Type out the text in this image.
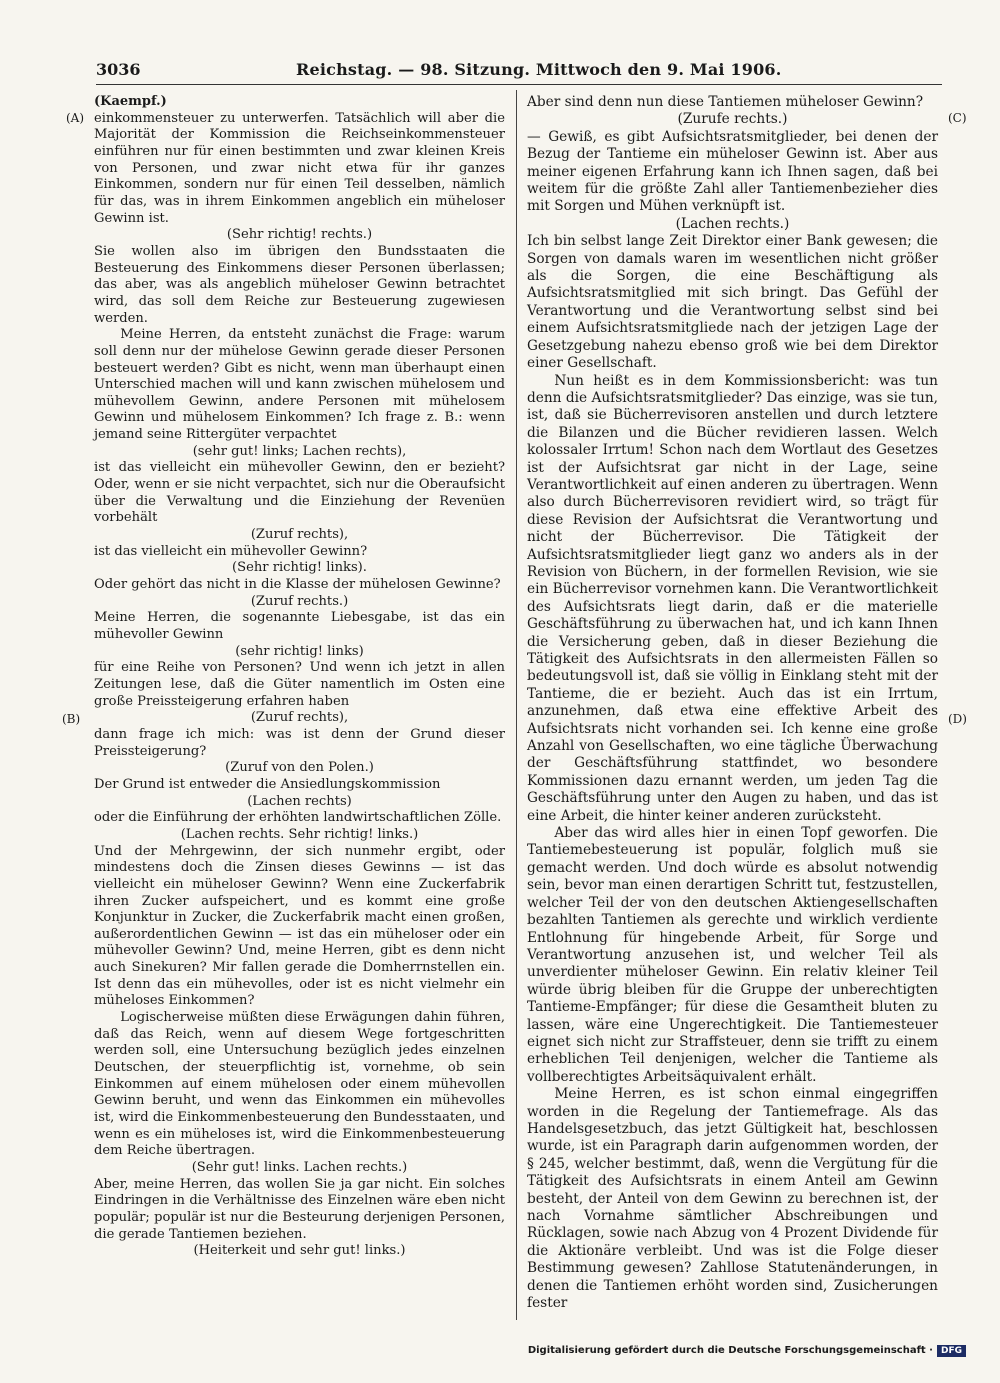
3036	Reichstag. — 98. Sitzung. Mittwoch den 9. Mai 1906.
(A)
(B)
(C)
(D)

(Kaempf.)

einkommensteuer zu unterwerfen. Tatsächlich will aber die Majorität der Kommission die Reichseinkommensteuer einführen nur für einen bestimmten und zwar kleinen Kreis von Personen, und zwar nicht etwa für ihr ganzes Einkommen, sondern nur für einen Teil desselben, nämlich für das, was in ihrem Einkommen angeblich ein müheloser Gewinn ist.

(Sehr richtig! rechts.)

Sie wollen also im übrigen den Bundsstaaten die Besteuerung des Einkommens dieser Personen überlassen; das aber, was als angeblich müheloser Gewinn betrachtet wird, das soll dem Reiche zur Besteuerung zugewiesen werden.

Meine Herren, da entsteht zunächst die Frage: warum soll denn nur der mühelose Gewinn gerade dieser Personen besteuert werden? Gibt es nicht, wenn man überhaupt einen Unterschied machen will und kann zwischen mühelosem und mühevollem Gewinn, andere Personen mit mühelosem Gewinn und mühelosem Einkommen? Ich frage z. B.: wenn jemand seine Rittergüter verpachtet

(sehr gut! links; Lachen rechts),

ist das vielleicht ein mühevoller Gewinn, den er bezieht? Oder, wenn er sie nicht verpachtet, sich nur die Oberaufsicht über die Verwaltung und die Einziehung der Revenüen vorbehält

(Zuruf rechts),

ist das vielleicht ein mühevoller Gewinn?

(Sehr richtig! links).

Oder gehört das nicht in die Klasse der mühelosen Gewinne?

(Zuruf rechts.)

Meine Herren, die sogenannte Liebesgabe, ist das ein mühevoller Gewinn

(sehr richtig! links)

für eine Reihe von Personen? Und wenn ich jetzt in allen Zeitungen lese, daß die Güter namentlich im Osten eine große Preissteigerung erfahren haben

(Zuruf rechts),

dann frage ich mich: was ist denn der Grund dieser Preissteigerung?

(Zuruf von den Polen.)

Der Grund ist entweder die Ansiedlungskommission

(Lachen rechts)

oder die Einführung der erhöhten landwirtschaftlichen Zölle.

(Lachen rechts. Sehr richtig! links.)

Und der Mehrgewinn, der sich nunmehr ergibt, oder mindestens doch die Zinsen dieses Gewinns — ist das vielleicht ein müheloser Gewinn? Wenn eine Zuckerfabrik ihren Zucker aufspeichert, und es kommt eine große Konjunktur in Zucker, die Zuckerfabrik macht einen großen, außerordentlichen Gewinn — ist das ein müheloser oder ein mühevoller Gewinn? Und, meine Herren, gibt es denn nicht auch Sinekuren? Mir fallen gerade die Domherrnstellen ein. Ist denn das ein mühevolles, oder ist es nicht vielmehr ein müheloses Einkommen?

Logischerweise müßten diese Erwägungen dahin führen, daß das Reich, wenn auf diesem Wege fortgeschritten werden soll, eine Untersuchung bezüglich jedes einzelnen Deutschen, der steuerpflichtig ist, vornehme, ob sein Einkommen auf einem mühelosen oder einem mühevollen Gewinn beruht, und wenn das Einkommen ein mühevolles ist, wird die Einkommenbesteuerung den Bundesstaaten, und wenn es ein müheloses ist, wird die Einkommenbesteuerung dem Reiche übertragen.

(Sehr gut! links. Lachen rechts.)

Aber, meine Herren, das wollen Sie ja gar nicht. Ein solches Eindringen in die Verhältnisse des Einzelnen wäre eben nicht populär; populär ist nur die Besteurung derjenigen Personen, die gerade Tantiemen beziehen.

(Heiterkeit und sehr gut! links.)

Aber sind denn nun diese Tantiemen müheloser Gewinn?

(Zurufe rechts.)

— Gewiß, es gibt Aufsichtsratsmitglieder, bei denen der Bezug der Tantieme ein müheloser Gewinn ist. Aber aus meiner eigenen Erfahrung kann ich Ihnen sagen, daß bei weitem für die größte Zahl aller Tantiemenbezieher dies mit Sorgen und Mühen verknüpft ist.

(Lachen rechts.)

Ich bin selbst lange Zeit Direktor einer Bank gewesen; die Sorgen von damals waren im wesentlichen nicht größer als die Sorgen, die eine Beschäftigung als Aufsichtsratsmitglied mit sich bringt. Das Gefühl der Verantwortung und die Verantwortung selbst sind bei einem Aufsichtsratsmitgliede nach der jetzigen Lage der Gesetzgebung nahezu ebenso groß wie bei dem Direktor einer Gesellschaft.

Nun heißt es in dem Kommissionsbericht: was tun denn die Aufsichtsratsmitglieder? Das einzige, was sie tun, ist, daß sie Bücherrevisoren anstellen und durch letztere die Bilanzen und die Bücher revidieren lassen. Welch kolossaler Irrtum! Schon nach dem Wortlaut des Gesetzes ist der Aufsichtsrat gar nicht in der Lage, seine Verantwortlichkeit auf einen anderen zu übertragen. Wenn also durch Bücherrevisoren revidiert wird, so trägt für diese Revision der Aufsichtsrat die Verantwortung und nicht der Bücherrevisor. Die Tätigkeit der Aufsichtsratsmitglieder liegt ganz wo anders als in der Revision von Büchern, in der formellen Revision, wie sie ein Bücherrevisor vornehmen kann. Die Verantwortlichkeit des Aufsichtsrats liegt darin, daß er die materielle Geschäftsführung zu überwachen hat, und ich kann Ihnen die Versicherung geben, daß in dieser Beziehung die Tätigkeit des Aufsichtsrats in den allermeisten Fällen so bedeutungsvoll ist, daß sie völlig in Einklang steht mit der Tantieme, die er bezieht. Auch das ist ein Irrtum, anzunehmen, daß etwa eine effektive Arbeit des Aufsichtsrats nicht vorhanden sei. Ich kenne eine große Anzahl von Gesellschaften, wo eine tägliche Überwachung der Geschäftsführung stattfindet, wo besondere Kommissionen dazu ernannt werden, um jeden Tag die Geschäftsführung unter den Augen zu haben, und das ist eine Arbeit, die hinter keiner anderen zurücksteht.

Aber das wird alles hier in einen Topf geworfen. Die Tantiemebesteuerung ist populär, folglich muß sie gemacht werden. Und doch würde es absolut notwendig sein, bevor man einen derartigen Schritt tut, festzustellen, welcher Teil der von den deutschen Aktiengesellschaften bezahlten Tantiemen als gerechte und wirklich verdiente Entlohnung für hingebende Arbeit, für Sorge und Verantwortung anzusehen ist, und welcher Teil als unverdienter müheloser Gewinn. Ein relativ kleiner Teil würde übrig bleiben für die Gruppe der unberechtigten Tantieme-Empfänger; für diese die Gesamtheit bluten zu lassen, wäre eine Ungerechtigkeit. Die Tantiemesteuer eignet sich nicht zur Straffsteuer, denn sie trifft zu einem erheblichen Teil denjenigen, welcher die Tantieme als vollberechtigtes Arbeitsäquivalent erhält.

Meine Herren, es ist schon einmal eingegriffen worden in die Regelung der Tantiemefrage. Als das Handelsgesetzbuch, das jetzt Gültigkeit hat, beschlossen wurde, ist ein Paragraph darin aufgenommen worden, der § 245, welcher bestimmt, daß, wenn die Vergütung für die Tätigkeit des Aufsichtsrats in einem Anteil am Gewinn besteht, der Anteil von dem Gewinn zu berechnen ist, der nach Vornahme sämtlicher Abschreibungen und Rücklagen, sowie nach Abzug von 4 Prozent Dividende für die Aktionäre verbleibt. Und was ist die Folge dieser Bestimmung gewesen? Zahllose Statutenänderungen, in denen die Tantiemen erhöht worden sind, Zusicherungen fester

Digitalisierung gefördert durch die Deutsche Forschungsgemeinschaft · DFG
